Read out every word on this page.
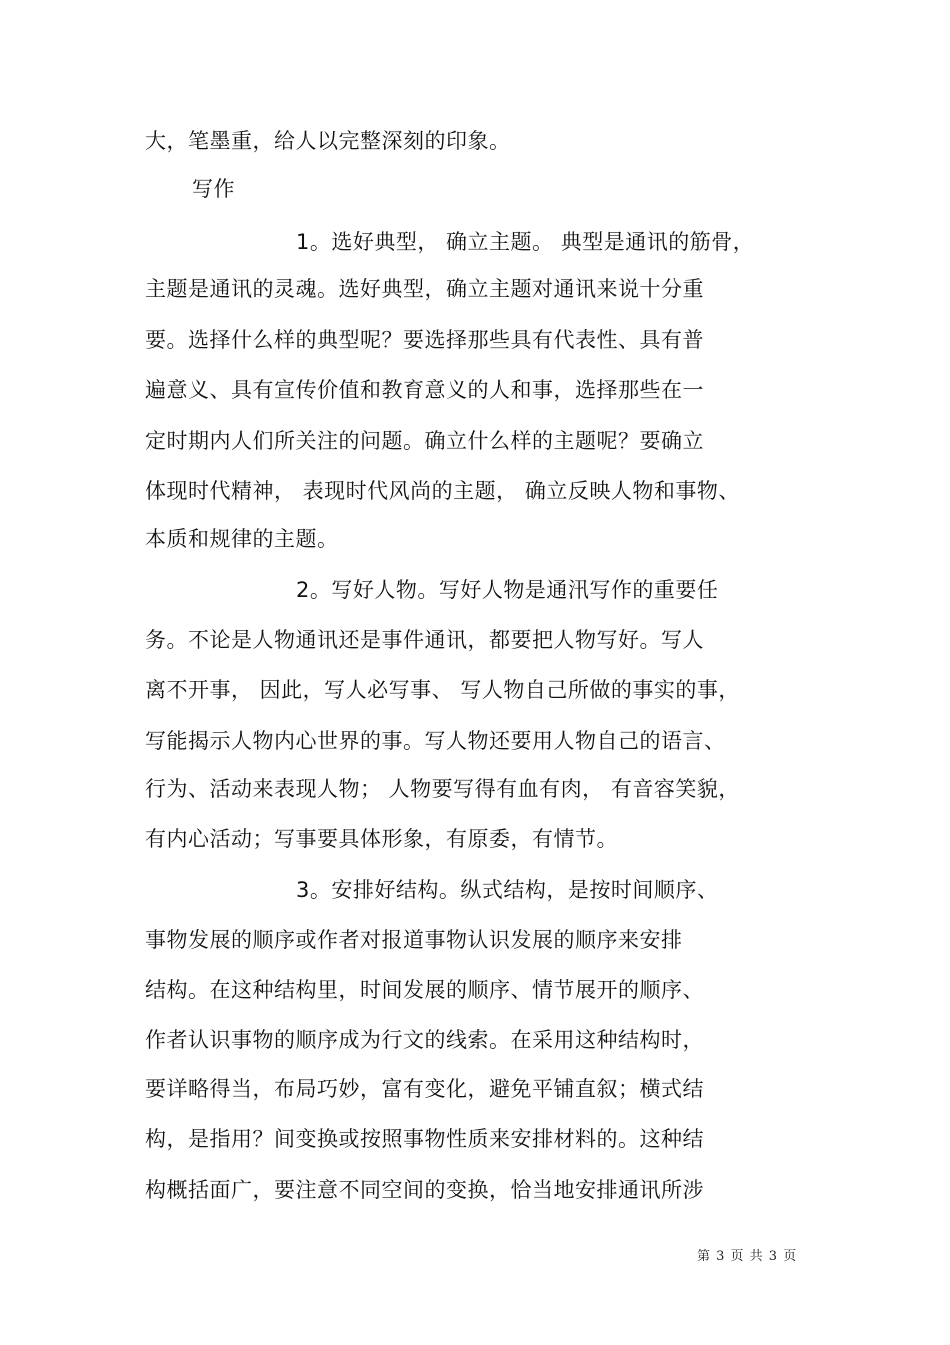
大，笔墨重，给人以完整深刻的印象。
写作
1。选好典型， 确立主题。 典型是通讯的筋骨，
主题是通讯的灵魂。选好典型，确立主题对通讯来说十分重
要。选择什么样的典型呢？要选择那些具有代表性、具有普
遍意义、具有宣传价值和教育意义的人和事，选择那些在一
定时期内人们所关注的问题。确立什么样的主题呢？要确立
体现时代精神， 表现时代风尚的主题， 确立反映人物和事物、
本质和规律的主题。
2。写好人物。写好人物是通汛写作的重要任
务。不论是人物通讯还是事件通讯，都要把人物写好。写人
离不开事， 因此，写人必写事、 写人物自己所做的事实的事，
写能揭示人物内心世界的事。写人物还要用人物自己的语言、
行为、活动来表现人物； 人物要写得有血有肉， 有音容笑貌，
有内心活动；写事要具体形象，有原委，有情节。
3。安排好结构。纵式结构，是按时间顺序、
事物发展的顺序或作者对报道事物认识发展的顺序来安排
结构。在这种结构里，时间发展的顺序、情节展开的顺序、
作者认识事物的顺序成为行文的线索。在采用这种结构时，
要详略得当，布局巧妙，富有变化，避免平铺直叙；横式结
构，是指用？间变换或按照事物性质来安排材料的。这种结
构概括面广，要注意不同空间的变换，恰当地安排通讯所涉
第 3 页 共 3 页
